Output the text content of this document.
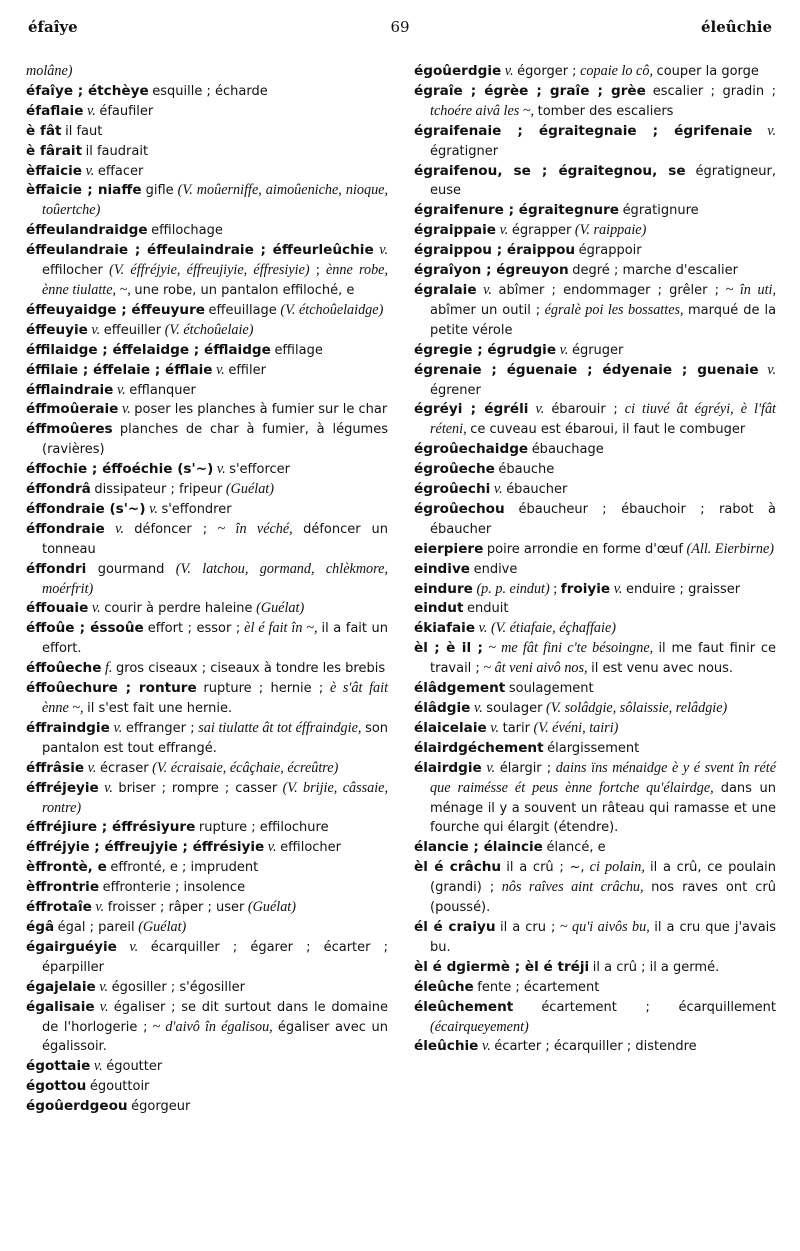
éfaîye	69	éleûchie

molâne)

éfaîye ; étchèye esquille ; écharde

éfaflaie v. éfaufiler

è fât il faut

è fârait il faudrait

èffaicie v. effacer

èffaicie ; niaffe gifle (V. moûerniffe, aimoûeniche, nioque, toûertche)

éffeulandraidge effilochage

éffeulandraie ; éffeulaindraie ; éffeurleûchie v. effilocher (V. éffréjyie, éffreujiyie, éffresiyie) ; ènne robe, ènne tiulatte, ~, une robe, un pantalon effiloché, e

éffeuyaidge ; éffeuyure effeuillage (V. étchoûelaidge)

éffeuyie v. effeuiller (V. étchoûelaie)

éffilaidge ; éffelaidge ; éfflaidge effilage

éffilaie ; éffelaie ; éfflaie v. effiler

éfflaindraie v. efflanquer

éffmoûeraie v. poser les planches à fumier sur le char

éffmoûeres planches de char à fumier, à légumes (ravières)

éffochie ; éffoéchie (s'~) v. s'efforcer

éffondrâ dissipateur ; fripeur (Guélat)

éffondraie (s'~) v. s'effondrer

éffondraie v. défoncer ; ~ în véché, défoncer un tonneau

éffondri gourmand (V. latchou, gormand, chlèkmore, moérfrit)

éffouaie v. courir à perdre haleine (Guélat)

éffoûe ; éssoûe effort ; essor ; èl é fait în ~, il a fait un effort.

éffoûeche f. gros ciseaux ; ciseaux à tondre les brebis

éffoûechure ; ronture rupture ; hernie ; è s'ât fait ènne ~, il s'est fait une hernie.

éffraindgie v. effranger ; sai tiulatte ât tot éffraindgie, son pantalon est tout effrangé.

éffrâsie v. écraser (V. écraisaie, écâçhaie, écreûtre)

éffréjeyie v. briser ; rompre ; casser (V. brijie, câssaie, rontre)

éffréjiure ; éffrésiyure rupture ; effilochure

éffréjyie ; éffreujyie ; éffrésiyie v. effilocher

èffrontè, e effronté, e ; imprudent

èffrontrie effronterie ; insolence

éffrotaîe v. froisser ; râper ; user (Guélat)

égâ égal ; pareil (Guélat)

égairguéyie v. écarquiller ; égarer ; écarter ; éparpiller

égajelaie v. égosiller ; s'égosiller

égalisaie v. égaliser ; se dit surtout dans le domaine de l'horlogerie ; ~ d'aivô în égalisou, égaliser avec un égalissoir.

égottaie v. égoutter

égottou égouttoir

égoûerdgeou égorgeur

égoûerdgie v. égorger ; copaie lo cô, couper la gorge

égraîe ; égrèe ; graîe ; grèe escalier ; gradin ; tchoére aivâ les ~, tomber des escaliers

égraifenaie ; égraitegnaie ; égrifenaie v. égratigner

égraifenou, se ; égraitegnou, se égratigneur, euse

égraifenure ; égraitegnure égratignure

égraippaie v. égrapper (V. raippaie)

égraippou ; éraippou égrappoir

égraîyon ; égreuyon degré ; marche d'escalier

égralaie v. abîmer ; endommager ; grêler ; ~ în uti, abîmer un outil ; égralè poi les bossattes, marqué de la petite vérole

égregie ; égrudgie v. égruger

égrenaie ; éguenaie ; édyenaie ; guenaie v. égrener

égréyi ; égréli v. ébarouir ; ci tiuvé ât égréyi, è l'fât réteni, ce cuveau est ébaroui, il faut le combuger

égroûechaidge ébauchage

égroûeche ébauche

égroûechi v. ébaucher

égroûechou ébaucheur ; ébauchoir ; rabot à ébaucher

eierpiere poire arrondie en forme d'œuf (All. Eierbirne)

eindive endive

eindure (p. p. eindut) ; froiyie v. enduire ; graisser

eindut enduit

ékiafaie v. (V. étiafaie, éçhaffaie)

èl ; è il ; ~ me fât fini c'te bésoingne, il me faut finir ce travail ; ~ ât veni aivô nos, il est venu avec nous.

élâdgement soulagement

élâdgie v. soulager (V. solâdgie, sôlaissie, relâdgie)

élaicelaie v. tarir (V. événi, tairi)

élairdgéchement élargissement

élairdgie v. élargir ; dains ïns ménaidge è y é svent în rété que raimésse ét peus ènne fortche qu'élairdge, dans un ménage il y a souvent un râteau qui ramasse et une fourche qui élargit (étendre).

élancie ; élaincie élancé, e

èl é crâchu il a crû ; ~, ci polain, il a crû, ce poulain (grandi) ; nôs raîves aint crâchu, nos raves ont crû (poussé).

él é craiyu il a cru ; ~ qu'i aivôs bu, il a cru que j'avais bu.

èl é dgiermè ; èl é tréji il a crû ; il a germé.

éleûche fente ; écartement

éleûchement écartement ; écarquillement (écairqueyement)

éleûchie v. écarter ; écarquiller ; distendre
